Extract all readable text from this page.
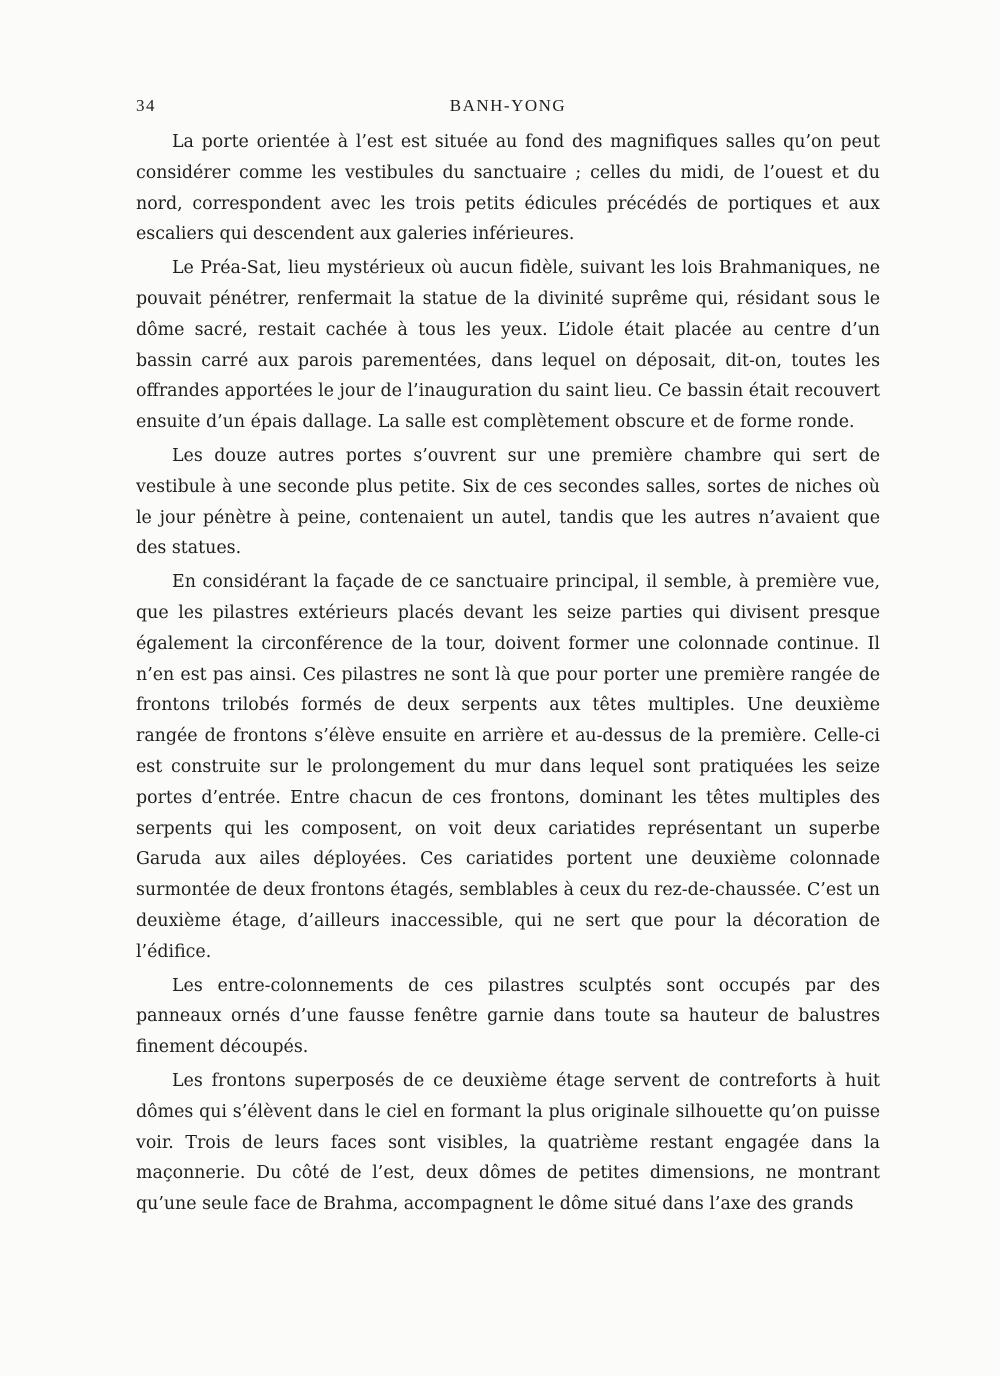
34	BANH-YONG

La porte orientée à l’est est située au fond des magnifiques salles qu’on peut considérer comme les vestibules du sanctuaire ; celles du midi, de l’ouest et du nord, correspondent avec les trois petits édicules précédés de portiques et aux escaliers qui descendent aux galeries inférieures.

Le Préa-Sat, lieu mystérieux où aucun fidèle, suivant les lois Brahmaniques, ne pouvait pénétrer, renfermait la statue de la divinité suprême qui, résidant sous le dôme sacré, restait cachée à tous les yeux. L’idole était placée au centre d’un bassin carré aux parois parementées, dans lequel on déposait, dit-on, toutes les offrandes apportées le jour de l’inauguration du saint lieu. Ce bassin était recouvert ensuite d’un épais dallage. La salle est complètement obscure et de forme ronde.

Les douze autres portes s’ouvrent sur une première chambre qui sert de vestibule à une seconde plus petite. Six de ces secondes salles, sortes de niches où le jour pénètre à peine, contenaient un autel, tandis que les autres n’avaient que des statues.

En considérant la façade de ce sanctuaire principal, il semble, à première vue, que les pilastres extérieurs placés devant les seize parties qui divisent presque également la circonférence de la tour, doivent former une colonnade continue. Il n’en est pas ainsi. Ces pilastres ne sont là que pour porter une première rangée de frontons trilobés formés de deux serpents aux têtes multiples. Une deuxième rangée de frontons s’élève ensuite en arrière et au-dessus de la première. Celle-ci est construite sur le prolongement du mur dans lequel sont pratiquées les seize portes d’entrée. Entre chacun de ces frontons, dominant les têtes multiples des serpents qui les composent, on voit deux cariatides représentant un superbe Garuda aux ailes déployées. Ces cariatides portent une deuxième colonnade surmontée de deux frontons étagés, semblables à ceux du rez-de-chaussée. C’est un deuxième étage, d’ailleurs inaccessible, qui ne sert que pour la décoration de l’édifice.

Les entre-colonnements de ces pilastres sculptés sont occupés par des panneaux ornés d’une fausse fenêtre garnie dans toute sa hauteur de balustres finement découpés.

Les frontons superposés de ce deuxième étage servent de contreforts à huit dômes qui s’élèvent dans le ciel en formant la plus originale silhouette qu’on puisse voir. Trois de leurs faces sont visibles, la quatrième restant engagée dans la maçonnerie. Du côté de l’est, deux dômes de petites dimensions, ne montrant qu’une seule face de Brahma, accompagnent le dôme situé dans l’axe des grands
